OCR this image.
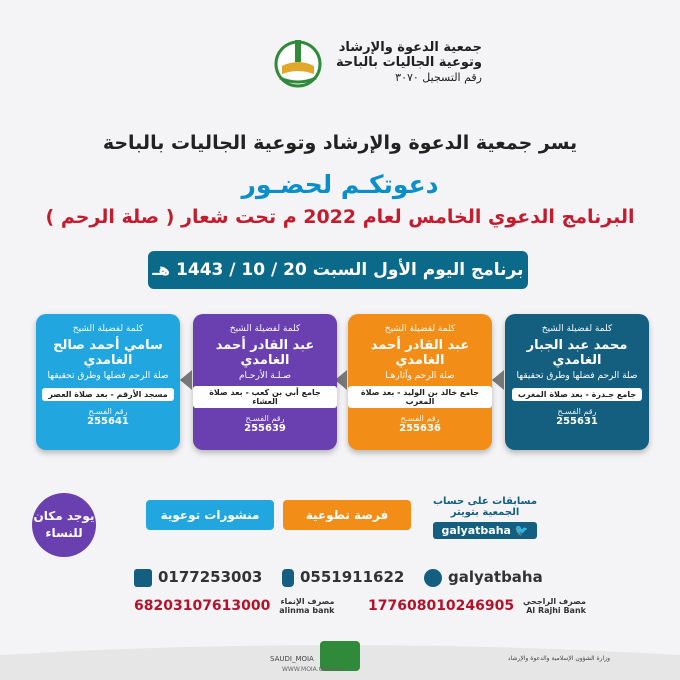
جمعية الدعوة والإرشاد
وتوعية الجاليات بالباحة
رقم التسجيل ٣٠٧٠
يسر جمعية الدعوة والإرشاد وتوعية الجاليات بالباحة
دعوتكـم لحضـور
البرنامج الدعوي الخامس لعام 2022 م تحت شعار ( صلة الرحم )
برنامج اليوم الأول السبت 20 / 10 / 1443 هـ
كلمة لفضيلة الشيخ
محمد عبد الجبار الغامدي
صلة الرحم فضلها وطرق تحقيقها
جامع جـدرة - بعد صلاة المغرب
رقم الفسـح
255631
كلمة لفضيلة الشيخ
عبد القادر أحمد الغامدي
صلة الرحم وآثارهـا
جامع خالد بن الوليد - بعد صلاة المغرب
رقم الفسـح
255636
كلمة لفضيلة الشيخ
عبد القادر أحمد الغامدي
صـلـة الأرحـام
جامع أبي بن كعب - بعد صلاة العشاء
رقم الفسـح
255639
كلمة لفضيلة الشيخ
سامي أحمد صالح الغامدي
صلة الرحم فضلها وطرق تحقيقها
مسجد الأرقم - بعد صلاة العصر
رقم الفسـح
255641
يوجد مكان للنساء
منشورات توعوية	فرصة تطوعية
مسابقات على حساب الجمعية بتويتر
🐦 galyatbaha
0177253003	0551911622	galyatbaha
68203107613000 مصرف الإنماء
alinma bank 177608010246905 مصرف الراجحي
Al Rajhi Bank
SAUDI_MOIA
WWW.MOIA.GOV.SA
وزارة الشؤون الإسلامية والدعوة والإرشاد
